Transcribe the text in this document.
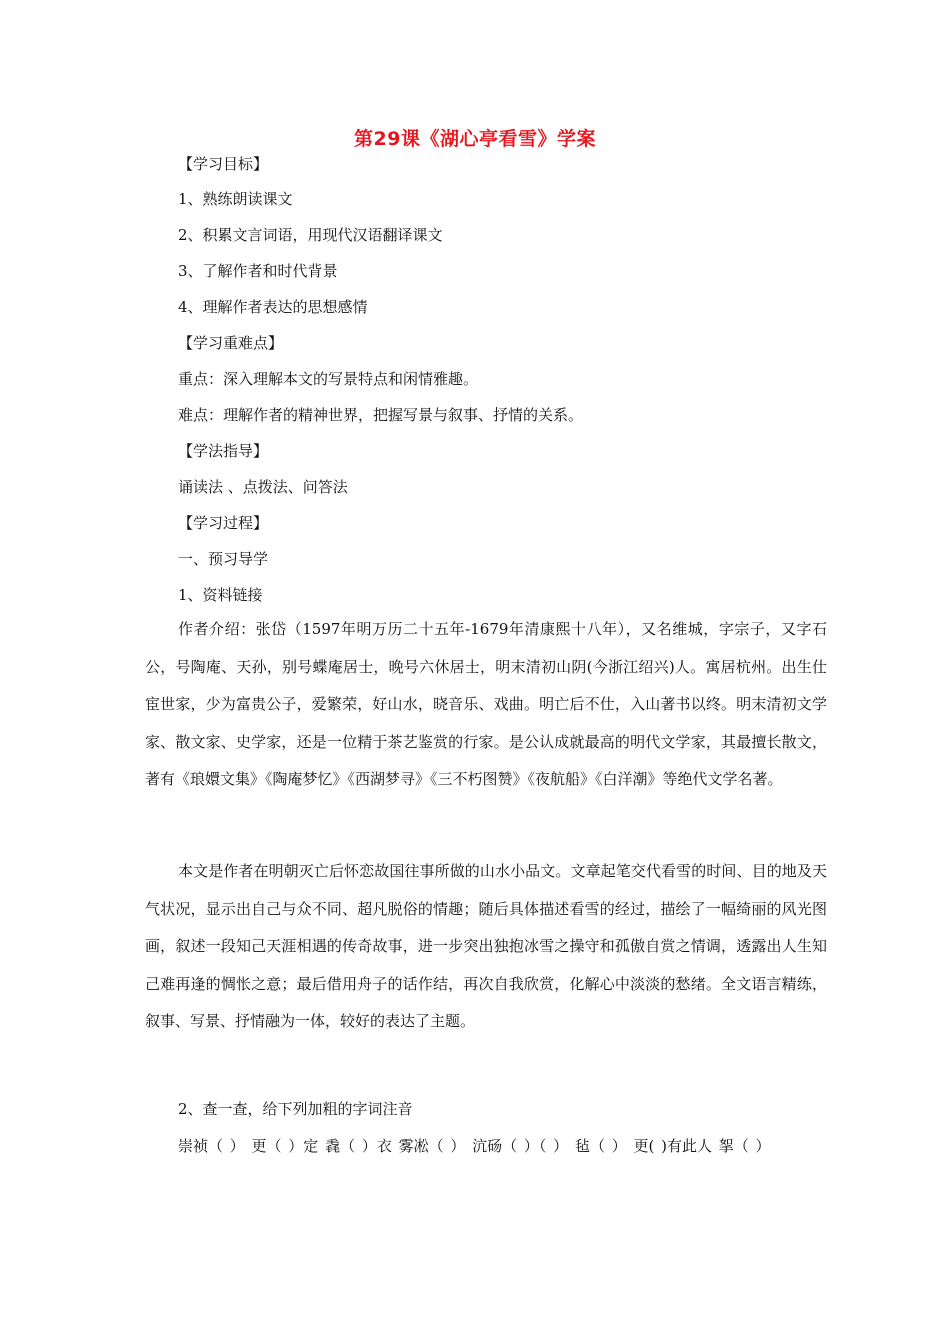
第29课《湖心亭看雪》学案
【学习目标】
1、熟练朗读课文
2、积累文言词语，用现代汉语翻译课文
3、了解作者和时代背景
4、理解作者表达的思想感情
【学习重难点】
重点：深入理解本文的写景特点和闲情雅趣。
难点：理解作者的精神世界，把握写景与叙事、抒情的关系。
【学法指导】
诵读法 、点拨法、问答法
【学习过程】
一、预习导学
1、资料链接
作者介绍：张岱（1597年明万历二十五年-1679年清康熙十八年），又名维城，字宗子，又字石公，号陶庵、天孙，别号蝶庵居士，晚号六休居士，明末清初山阴(今浙江绍兴)人。寓居杭州。出生仕宦世家，少为富贵公子，爱繁荣，好山水，晓音乐、戏曲。明亡后不仕，入山著书以终。明末清初文学家、散文家、史学家，还是一位精于茶艺鉴赏的行家。是公认成就最高的明代文学家，其最擅长散文，著有《琅嬛文集》《陶庵梦忆》《西湖梦寻》《三不朽图赞》《夜航船》《白洋潮》等绝代文学名著。
本文是作者在明朝灭亡后怀恋故国往事所做的山水小品文。文章起笔交代看雪的时间、目的地及天气状况，显示出自己与众不同、超凡脱俗的情趣；随后具体描述看雪的经过，描绘了一幅绮丽的风光图画，叙述一段知己天涯相遇的传奇故事，进一步突出独抱冰雪之操守和孤傲自赏之情调，透露出人生知己难再逢的惆怅之意；最后借用舟子的话作结，再次自我欣赏，化解心中淡淡的愁绪。全文语言精练，叙事、写景、抒情融为一体，较好的表达了主题。
2、查一查，给下列加粗的字词注音
崇祯（ ） 更（ ）定 毳（ ）衣 雾凇（ ） 沆砀（ ）（ ） 毡（ ） 更( )有此人 挐（ ）
